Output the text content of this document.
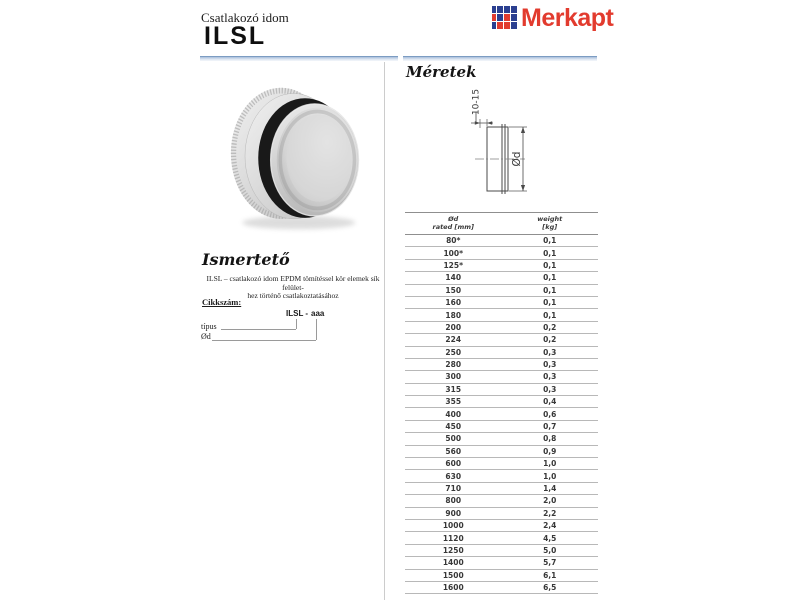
Csatlakozó idom
ILSL
Merkapt
Ismertető
ILSL – csatlakozó idom EPDM tömítéssel kör elemek sík felület-
hez történő csatlakoztatásához
Cikkszám:
ILSL - aaa
típus
Ød
Méretek
Ød
10-15
Ød
rated [mm]	weight
[kg]

80*	0,1
100*	0,1
125*	0,1
140	0,1
150	0,1
160	0,1
180	0,1
200	0,2
224	0,2
250	0,3
280	0,3
300	0,3
315	0,3
355	0,4
400	0,6
450	0,7
500	0,8
560	0,9
600	1,0
630	1,0
710	1,4
800	2,0
900	2,2
1000	2,4
1120	4,5
1250	5,0
1400	5,7
1500	6,1
1600	6,5
